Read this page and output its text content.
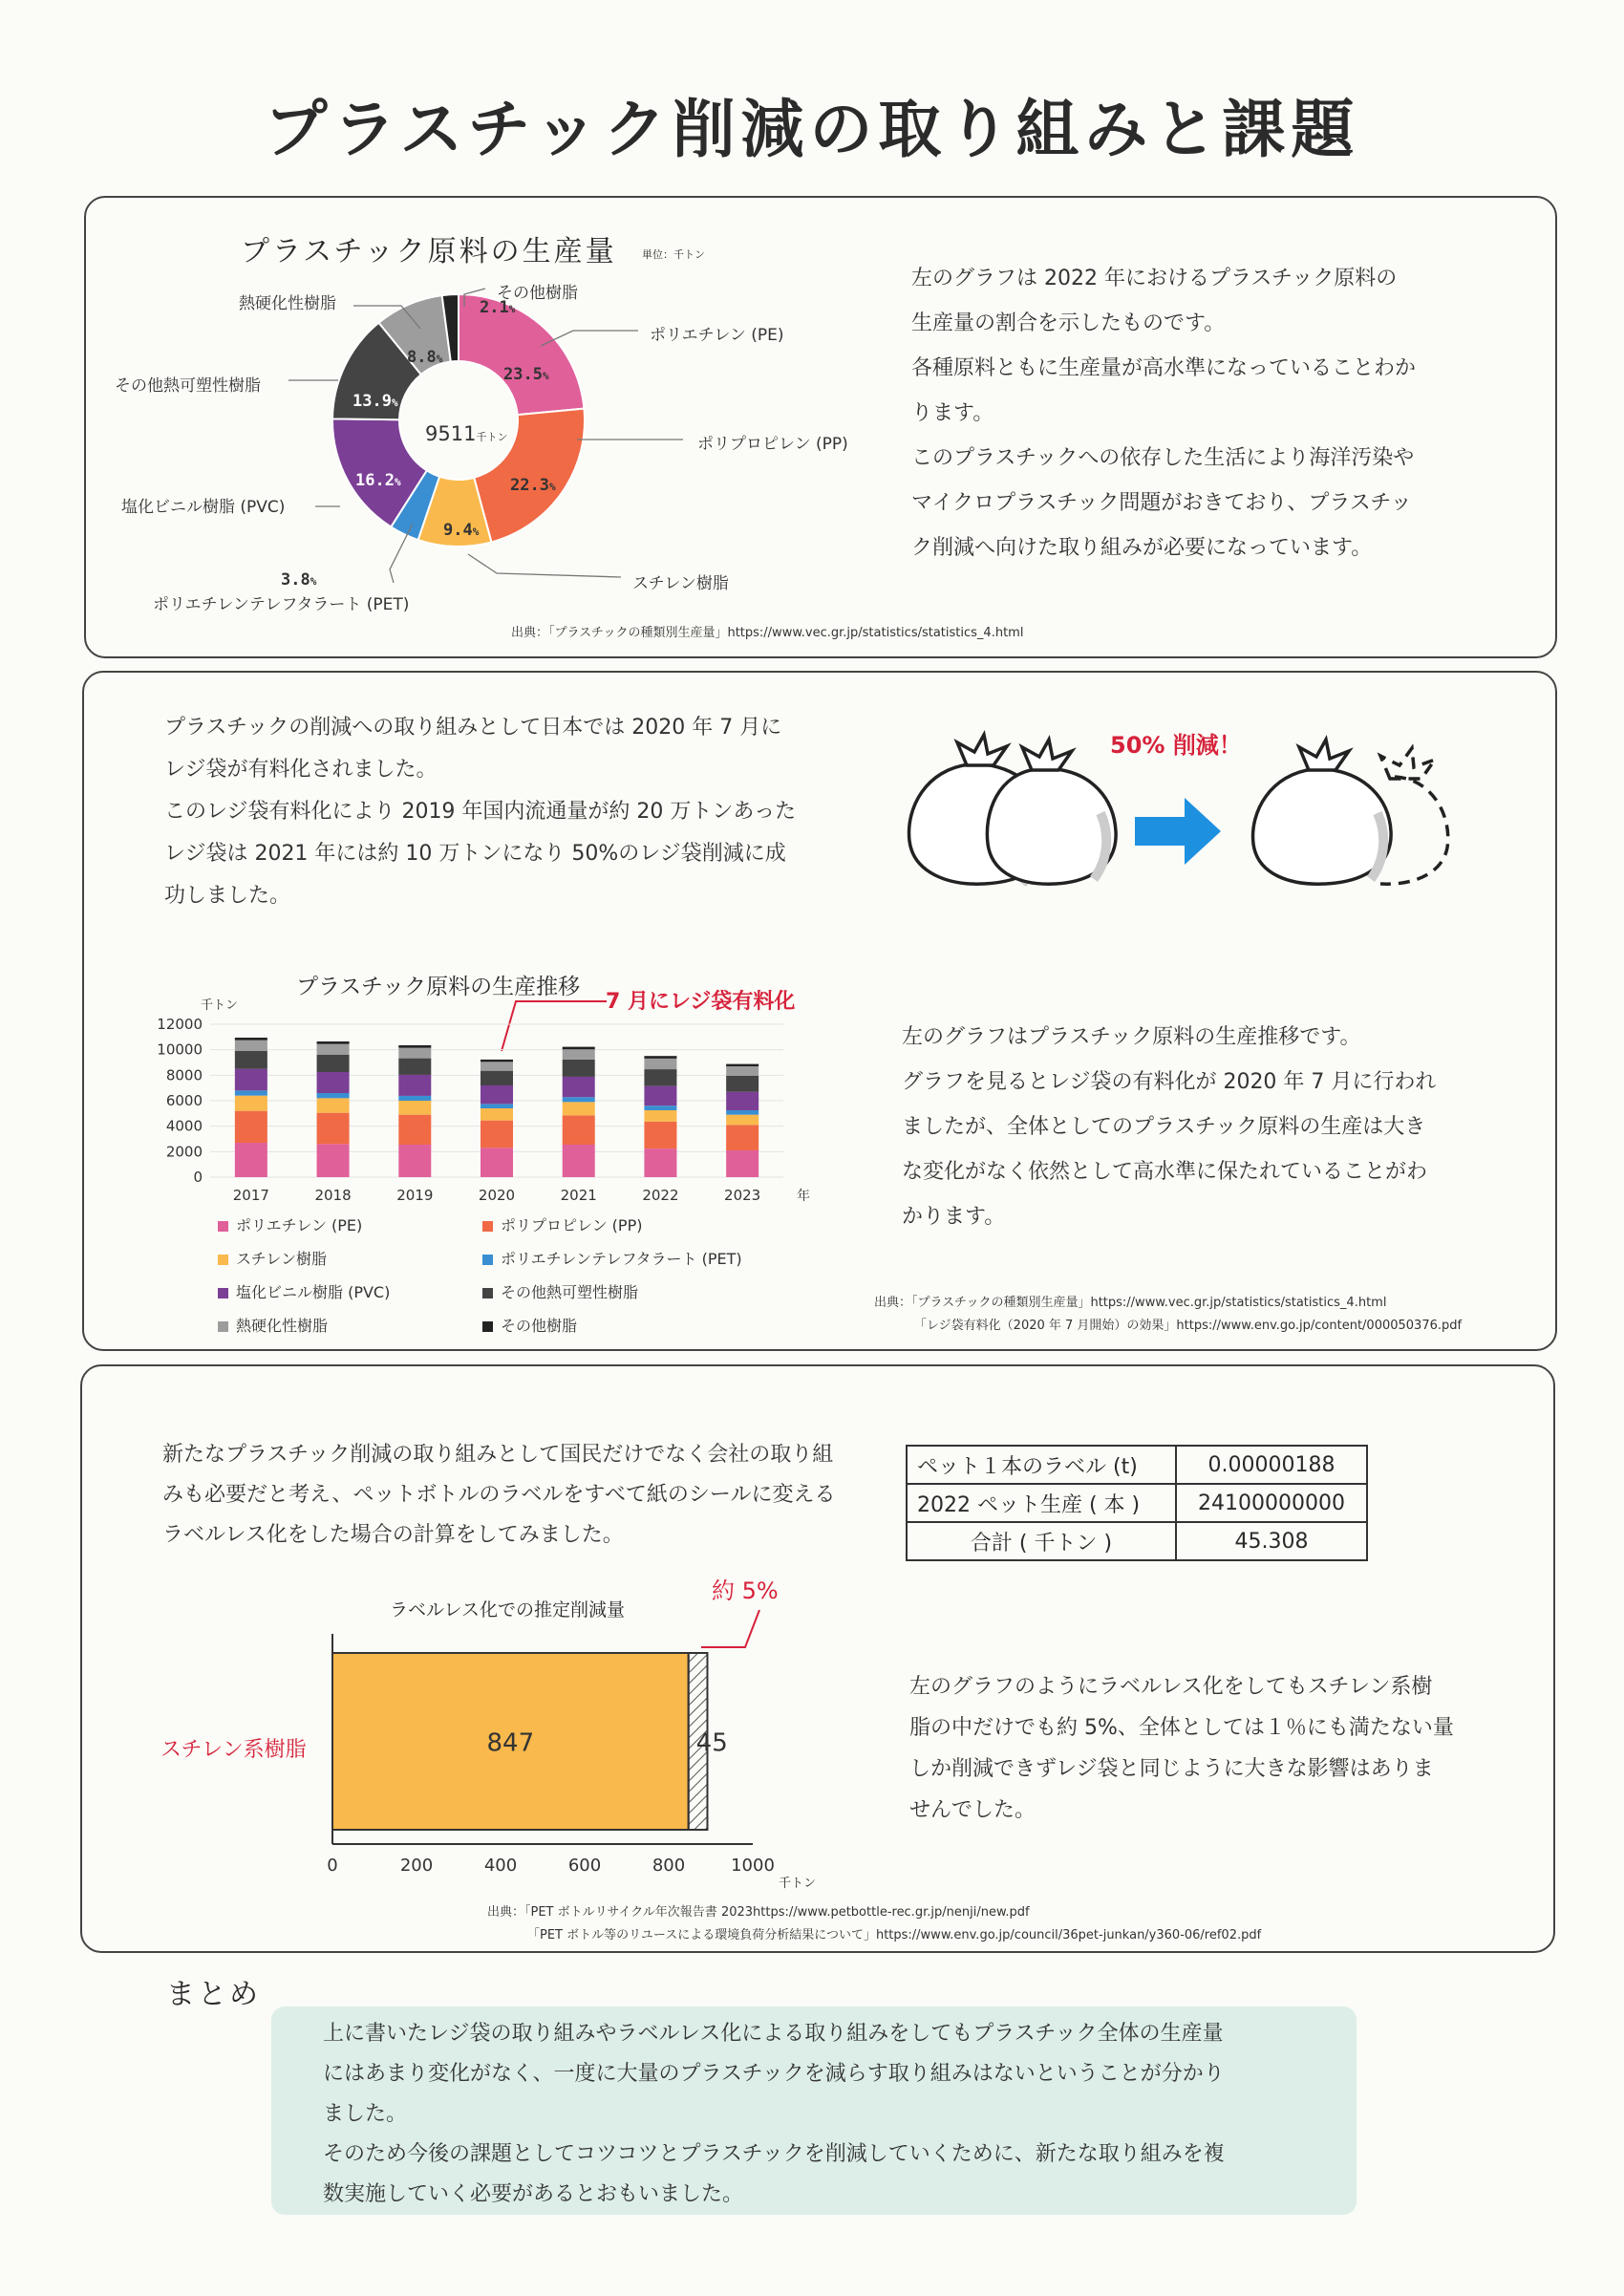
プラスチック削減の取り組みと課題
プラスチック原料の生産量 単位：千トン
9511千トン
23.5%
22.3%
9.4%
3.8%
16.2%
13.9%
8.8%
2.1%
その他樹脂
熱硬化性樹脂
ポリエチレン (PE)
その他熱可塑性樹脂
ポリプロピレン (PP)
塩化ビニル樹脂 (PVC)
スチレン樹脂
ポリエチレンテレフタラート (PET)
左のグラフは 2022 年におけるプラスチック原料の
生産量の割合を示したものです。
各種原料ともに生産量が高水準になっていることわか
ります。
このプラスチックへの依存した生活により海洋汚染や
マイクロプラスチック問題がおきており、プラスチッ
ク削減へ向けた取り組みが必要になっています。
出典：「プラスチックの種類別生産量」https://www.vec.gr.jp/statistics/statistics_4.html
プラスチックの削減への取り組みとして日本では 2020 年 7 月に
レジ袋が有料化されました。
このレジ袋有料化により 2019 年国内流通量が約 20 万トンあった
レジ袋は 2021 年には約 10 万トンになり 50%のレジ袋削減に成
功しました。
50% 削減！
プラスチック原料の生産推移
7 月にレジ袋有料化
千トン
0
2000
4000
6000
8000
10000
12000
2017	2018	2019	2020	2021	2022	2023	年
ポリエチレン (PE)	ポリプロピレン (PP)
スチレン樹脂	ポリエチレンテレフタラート (PET)
塩化ビニル樹脂 (PVC)	その他熱可塑性樹脂
熱硬化性樹脂	その他樹脂
左のグラフはプラスチック原料の生産推移です。
グラフを見るとレジ袋の有料化が 2020 年 7 月に行われ
ましたが、全体としてのプラスチック原料の生産は大き
な変化がなく依然として高水準に保たれていることがわ
かります。
出典：「プラスチックの種類別生産量」https://www.vec.gr.jp/statistics/statistics_4.html
「レジ袋有料化（2020 年 7 月開始）の効果」https://www.env.go.jp/content/000050376.pdf
新たなプラスチック削減の取り組みとして国民だけでなく会社の取り組
みも必要だと考え、ペットボトルのラベルをすべて紙のシールに変える
ラベルレス化をした場合の計算をしてみました。
ペット１本のラベル (t)	0.00000188
2022 ペット生産 ( 本 )	24100000000
合計 ( 千トン )	45.308
ラベルレス化での推定削減量
約 5%
スチレン系樹脂	847	45
0	200	400	600	800	1000
千トン
左のグラフのようにラベルレス化をしてもスチレン系樹
脂の中だけでも約 5%、全体としては１％にも満たない量
しか削減できずレジ袋と同じように大きな影響はありま
せんでした。
出典：「PET ボトルリサイクル年次報告書 2023https://www.petbottle-rec.gr.jp/nenji/new.pdf
「PET ボトル等のリユースによる環境負荷分析結果について」https://www.env.go.jp/council/36pet-junkan/y360-06/ref02.pdf
まとめ
上に書いたレジ袋の取り組みやラベルレス化による取り組みをしてもプラスチック全体の生産量
にはあまり変化がなく、一度に大量のプラスチックを減らす取り組みはないということが分かり
ました。
そのため今後の課題としてコツコツとプラスチックを削減していくために、新たな取り組みを複
数実施していく必要があるとおもいました。
